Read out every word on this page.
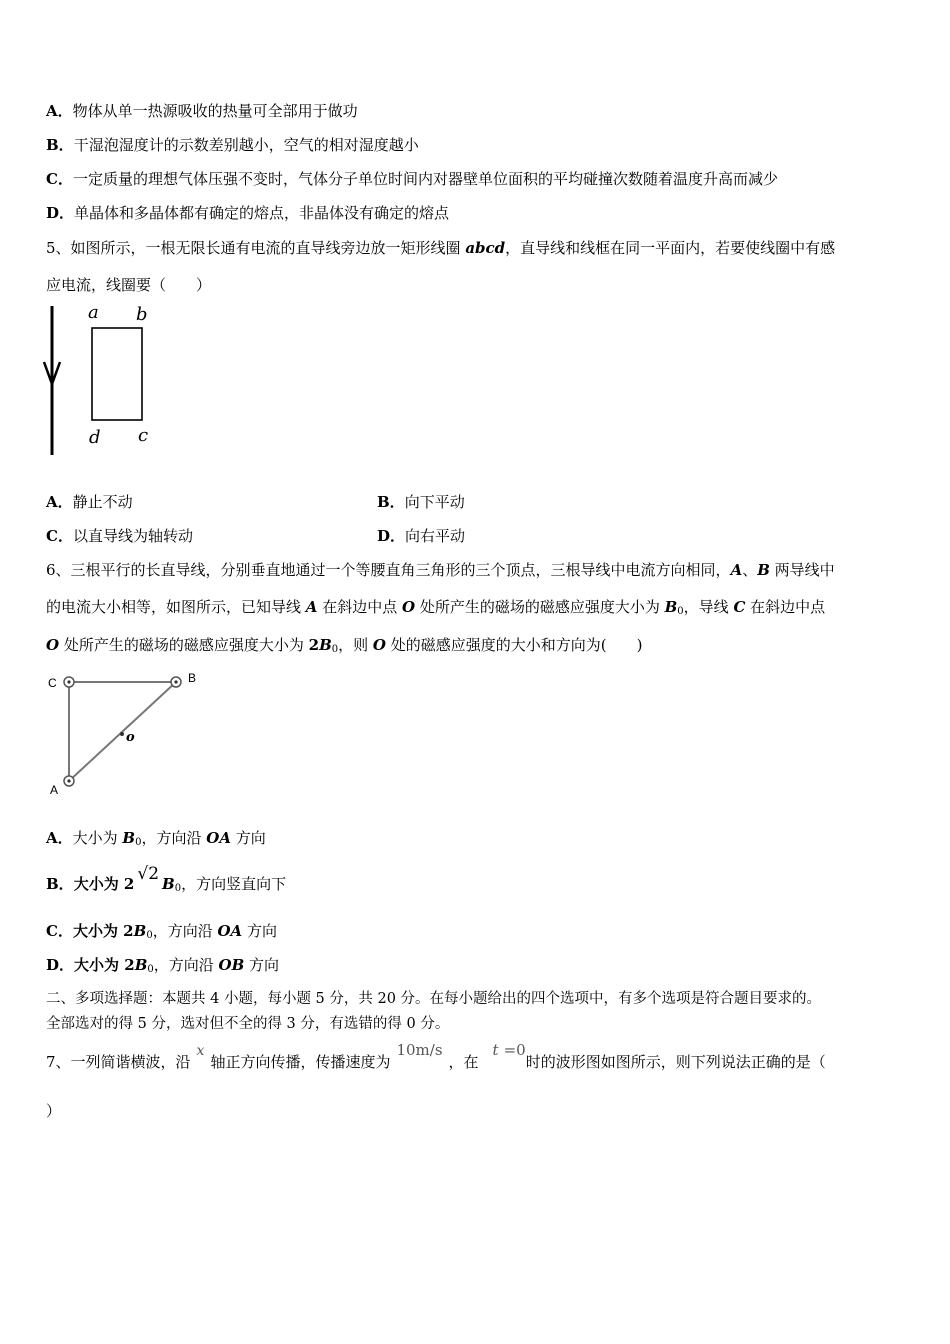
A．物体从单一热源吸收的热量可全部用于做功
B．干湿泡湿度计的示数差别越小，空气的相对湿度越小
C．一定质量的理想气体压强不变时，气体分子单位时间内对器壁单位面积的平均碰撞次数随着温度升高而减少
D．单晶体和多晶体都有确定的熔点，非晶体没有确定的熔点
5、如图所示，一根无限长通有电流的直导线旁边放一矩形线圈 abcd，直导线和线框在同一平面内，若要使线圈中有感
应电流，线圈要（　　）
a b
d c
A．静止不动	B．向下平动
C．以直导线为轴转动	D．向右平动
6、三根平行的长直导线，分别垂直地通过一个等腰直角三角形的三个顶点，三根导线中电流方向相同，A、B 两导线中
的电流大小相等，如图所示，已知导线 A 在斜边中点 O 处所产生的磁场的磁感应强度大小为 $B_0$，导线 C 在斜边中点
O 处所产生的磁场的磁感应强度大小为 $2B_0$，则 O 处的磁感应强度的大小和方向为(　　)
C	B
A
o
A．大小为 $B_0$，方向沿 OA 方向
B．大小为 2 √2 $B_0$，方向竖直向下
C．大小为 $2B_0$，方向沿 OA 方向
D．大小为 $2B_0$，方向沿 OB 方向
二、多项选择题：本题共 4 小题，每小题 5 分，共 20 分。在每小题给出的四个选项中，有多个选项是符合题目要求的。
全部选对的得 5 分，选对但不全的得 3 分，有选错的得 0 分。
7、一列简谐横波，沿x轴正方向传播，传播速度为10m/s，在t =0时的波形图如图所示，则下列说法正确的是（
）
